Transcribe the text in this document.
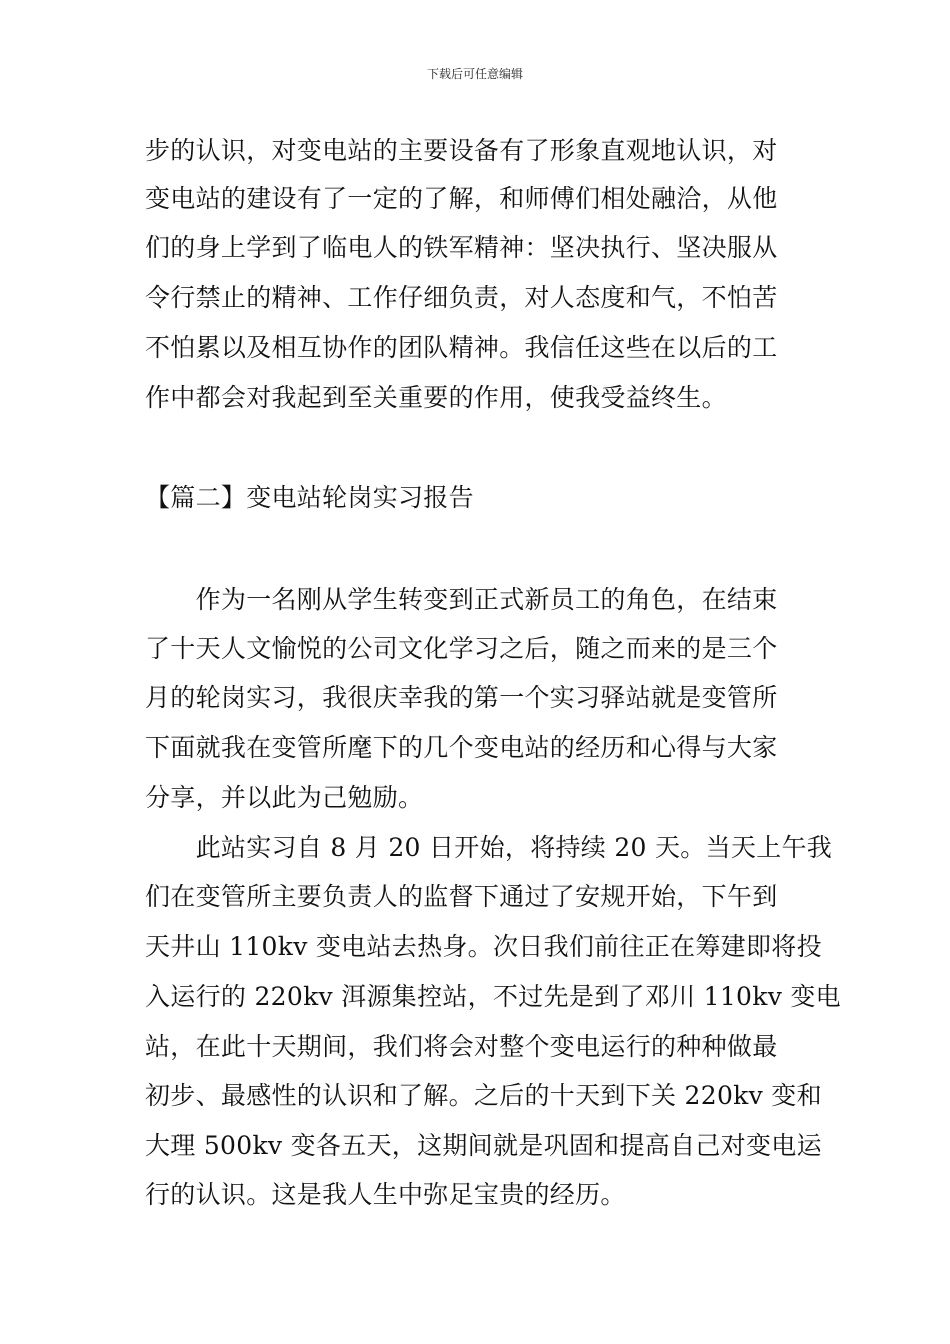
下载后可任意编辑
步的认识，对变电站的主要设备有了形象直观地认识，对
变电站的建设有了一定的了解，和师傅们相处融洽，从他
们的身上学到了临电人的铁军精神：坚决执行、坚决服从
令行禁止的精神、工作仔细负责，对人态度和气，不怕苦
不怕累以及相互协作的团队精神。我信任这些在以后的工
作中都会对我起到至关重要的作用，使我受益终生。
【篇二】变电站轮岗实习报告
　　作为一名刚从学生转变到正式新员工的角色，在结束
了十天人文愉悦的公司文化学习之后，随之而来的是三个
月的轮岗实习，我很庆幸我的第一个实习驿站就是变管所
下面就我在变管所麾下的几个变电站的经历和心得与大家
分享，并以此为己勉励。
　　此站实习自 8 月 20 日开始，将持续 20 天。当天上午我
们在变管所主要负责人的监督下通过了安规开始，下午到
天井山 110kv 变电站去热身。次日我们前往正在筹建即将投
入运行的 220kv 洱源集控站，不过先是到了邓川 110kv 变电
站，在此十天期间，我们将会对整个变电运行的种种做最
初步、最感性的认识和了解。之后的十天到下关 220kv 变和
大理 500kv 变各五天，这期间就是巩固和提高自己对变电运
行的认识。这是我人生中弥足宝贵的经历。
